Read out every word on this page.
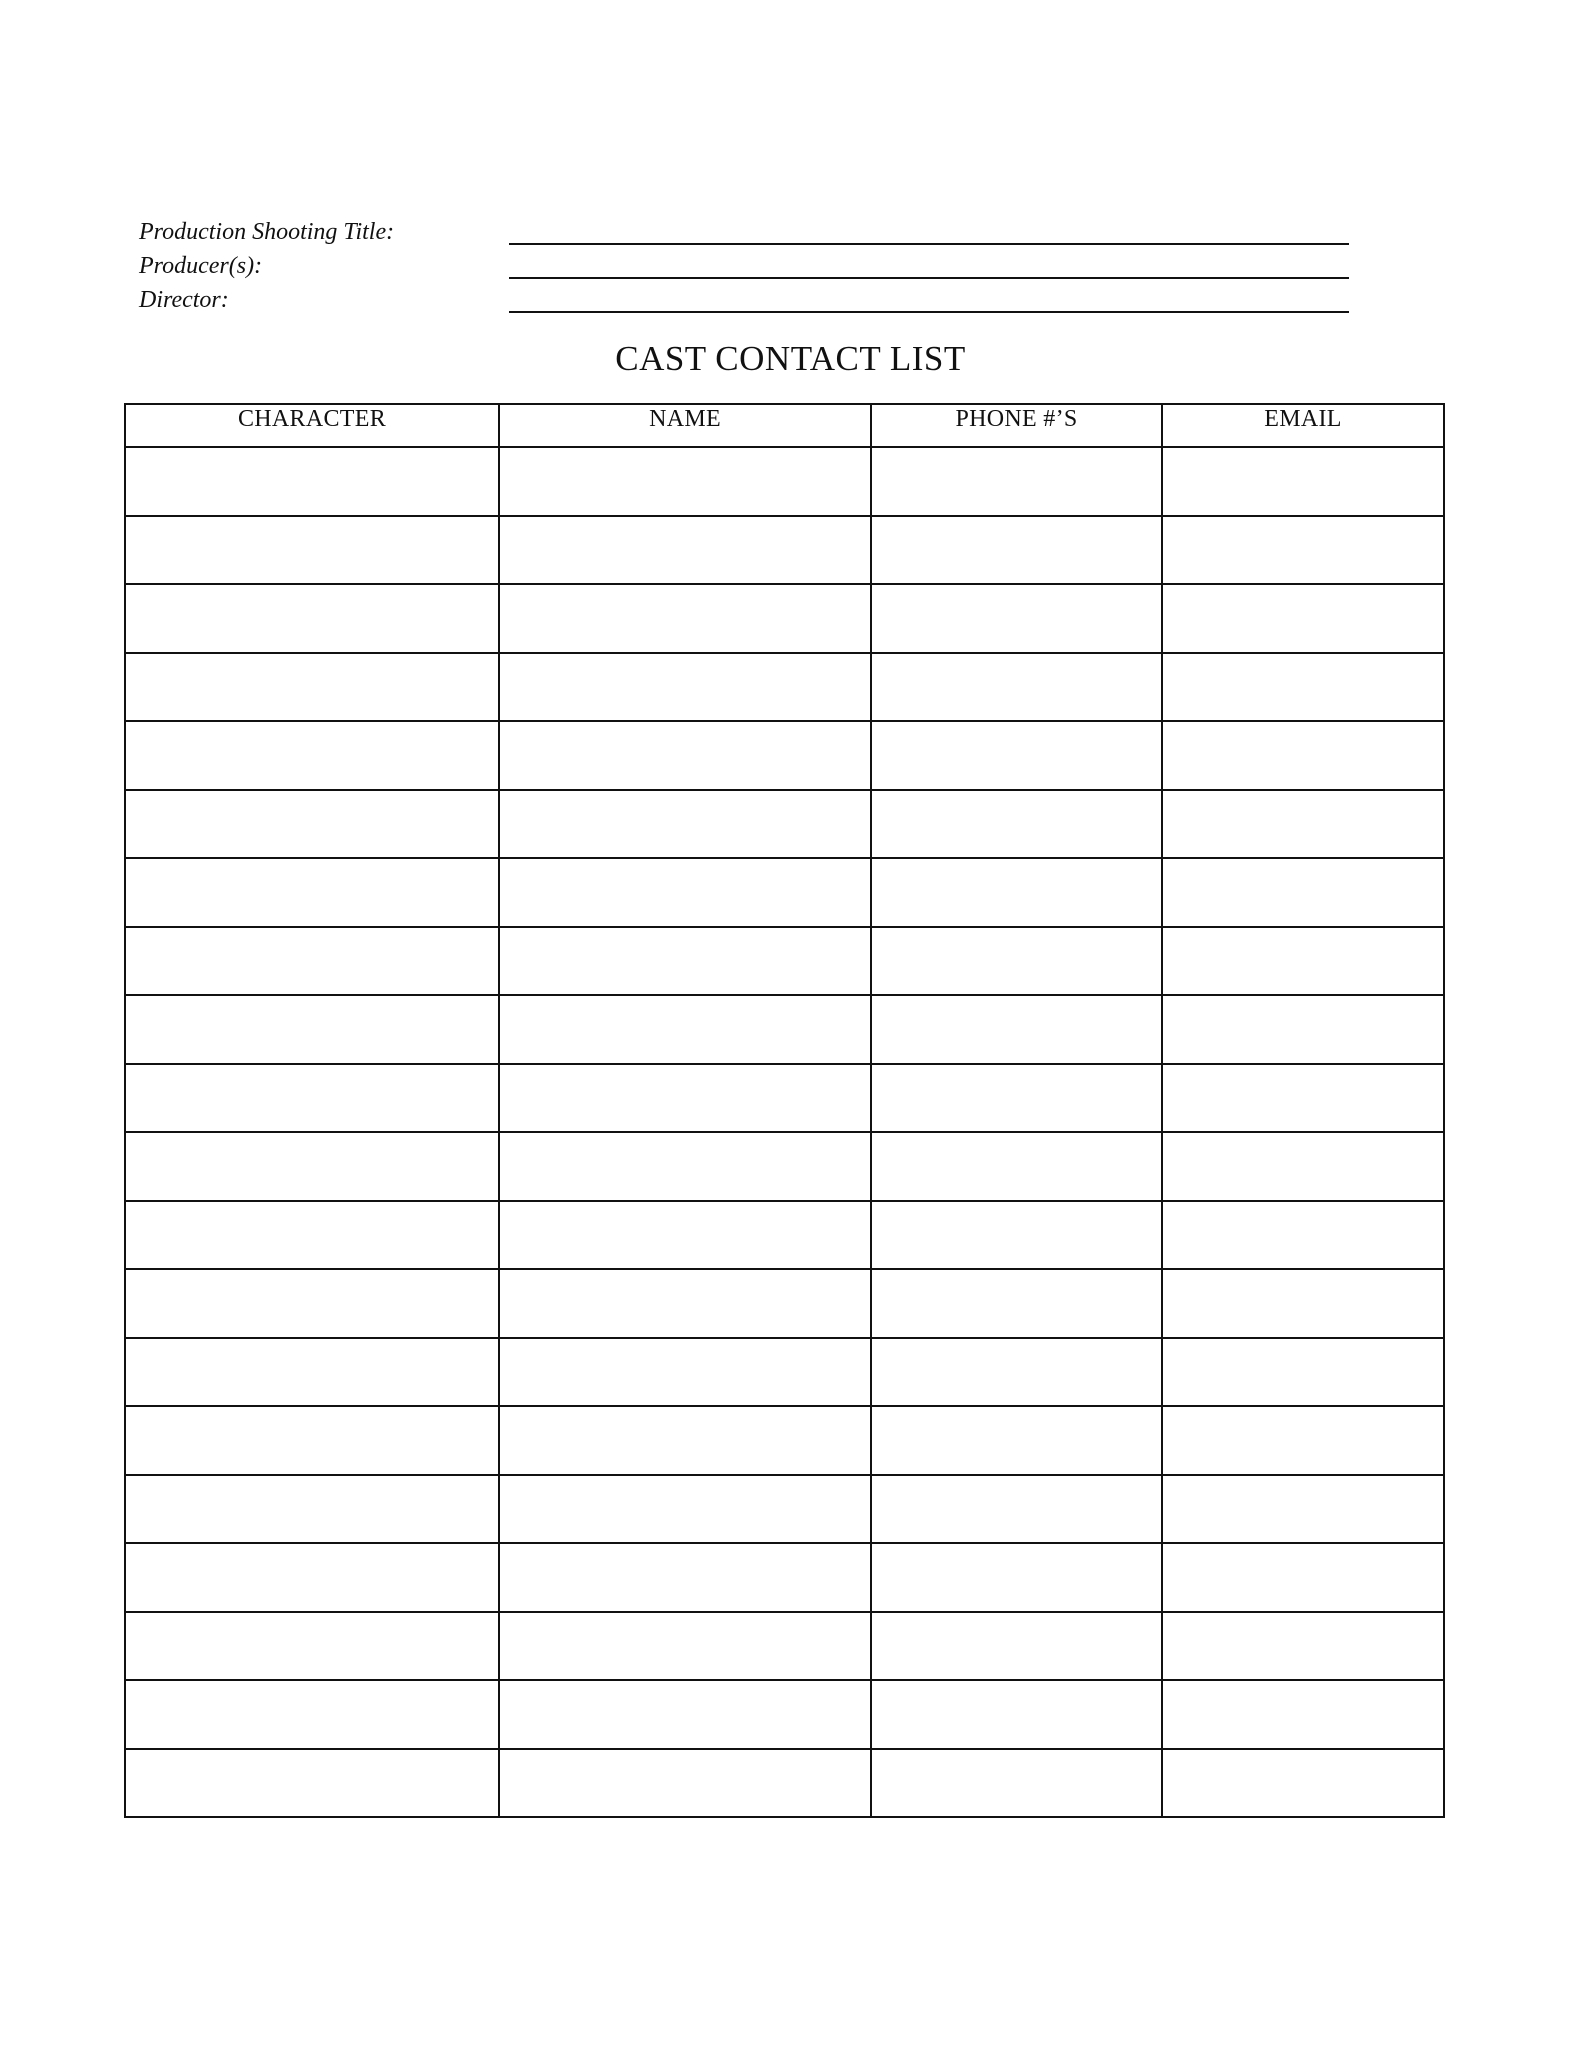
Production Shooting Title:
Producer(s):
Director:
CAST CONTACT LIST
CHARACTER	NAME	PHONE #’S	EMAIL
